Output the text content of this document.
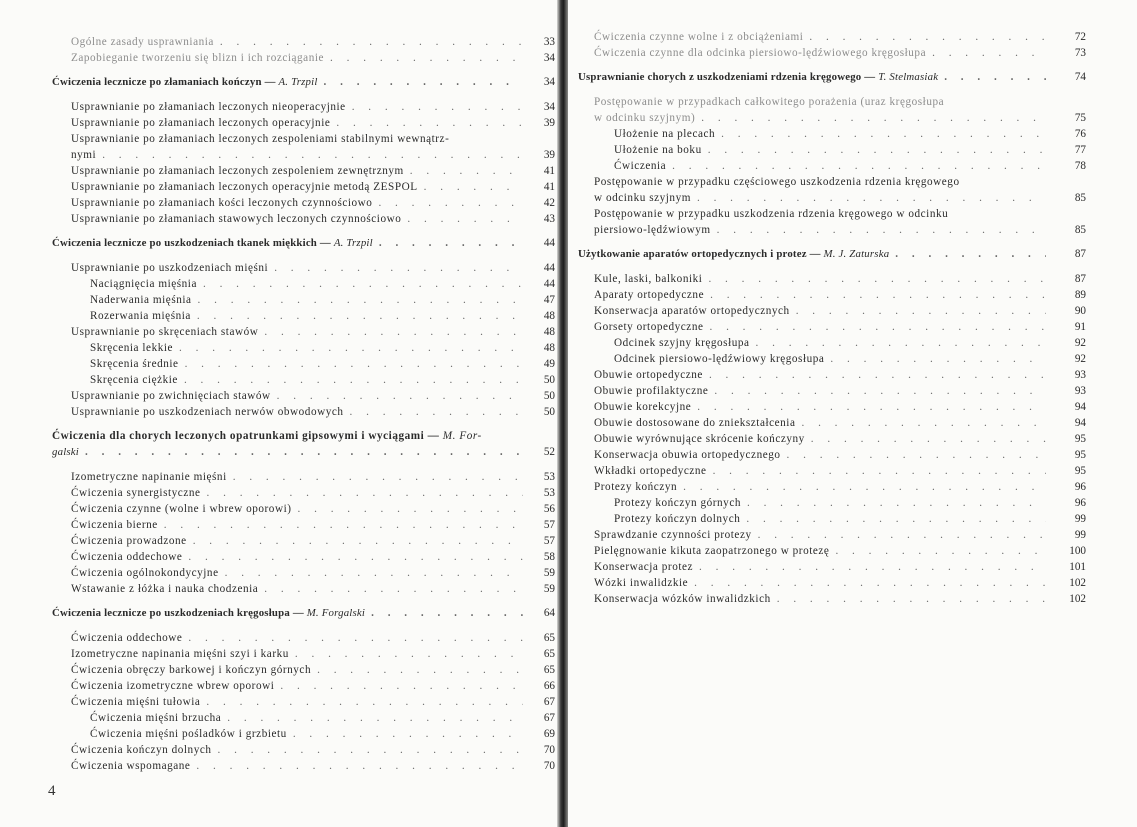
Ogólne zasady usprawniania . . .	33
Zapobieganie tworzeniu się blizn i ich rozciąganie . . .	34
Ćwiczenia lecznicze po złamaniach kończyn — A. Trzpil . . .	34
Usprawnianie po złamaniach leczonych nieoperacyjnie . . .	34
Usprawnianie po złamaniach leczonych operacyjnie . . .	39
Usprawnianie po złamaniach leczonych zespoleniami stabilnymi wewnątrz-
nymi . . .	39
Usprawnianie po złamaniach leczonych zespoleniem zewnętrznym . . .	41
Usprawnianie po złamaniach leczonych operacyjnie metodą ZESPOL . . .	41
Usprawnianie po złamaniach kości leczonych czynnościowo . . .	42
Usprawnianie po złamaniach stawowych leczonych czynnościowo . . .	43
Ćwiczenia lecznicze po uszkodzeniach tkanek miękkich — A. Trzpil . . .	44
Usprawnianie po uszkodzeniach mięśni . . .	44
Naciągnięcia mięśnia . . .	44
Naderwania mięśnia . . .	47
Rozerwania mięśnia . . .	48
Usprawnianie po skręceniach stawów . . .	48
Skręcenia lekkie . . .	48
Skręcenia średnie . . .	49
Skręcenia ciężkie . . .	50
Usprawnianie po zwichnięciach stawów . . .	50
Usprawnianie po uszkodzeniach nerwów obwodowych . . .	50
Ćwiczenia dla chorych leczonych opatrunkami gipsowymi i wyciągami — M. For-
galski . . .	52
Izometryczne napinanie mięśni . . .	53
Ćwiczenia synergistyczne . . .	53
Ćwiczenia czynne (wolne i wbrew oporowi) . . .	56
Ćwiczenia bierne . . .	57
Ćwiczenia prowadzone . . .	57
Ćwiczenia oddechowe . . .	58
Ćwiczenia ogólnokondycyjne . . .	59
Wstawanie z łóżka i nauka chodzenia . . .	59
Ćwiczenia lecznicze po uszkodzeniach kręgosłupa — M. Forgalski . . .	64
Ćwiczenia oddechowe . . .	65
Izometryczne napinania mięśni szyi i karku . . .	65
Ćwiczenia obręczy barkowej i kończyn górnych . . .	65
Ćwiczenia izometryczne wbrew oporowi . . .	66
Ćwiczenia mięśni tułowia . . .	67
Ćwiczenia mięśni brzucha . . .	67
Ćwiczenia mięśni pośladków i grzbietu . . .	69
Ćwiczenia kończyn dolnych . . .	70
Ćwiczenia wspomagane . . .	70
4
Ćwiczenia czynne wolne i z obciążeniami . . .	72
Ćwiczenia czynne dla odcinka piersiowo-lędźwiowego kręgosłupa . . .	73
Usprawnianie chorych z uszkodzeniami rdzenia kręgowego — T. Stelmasiak . . .	74
Postępowanie w przypadkach całkowitego porażenia (uraz kręgosłupa
w odcinku szyjnym) . . .	75
Ułożenie na plecach . . .	76
Ułożenie na boku . . .	77
Ćwiczenia . . .	78
Postępowanie w przypadku częściowego uszkodzenia rdzenia kręgowego
w odcinku szyjnym . . .	85
Postępowanie w przypadku uszkodzenia rdzenia kręgowego w odcinku
piersiowo-lędźwiowym . . .	85
Użytkowanie aparatów ortopedycznych i protez — M. J. Zaturska . . .	87
Kule, laski, balkoniki . . .	87
Aparaty ortopedyczne . . .	89
Konserwacja aparatów ortopedycznych . . .	90
Gorsety ortopedyczne . . .	91
Odcinek szyjny kręgosłupa . . .	92
Odcinek piersiowo-lędźwiowy kręgosłupa . . .	92
Obuwie ortopedyczne . . .	93
Obuwie profilaktyczne . . .	93
Obuwie korekcyjne . . .	94
Obuwie dostosowane do zniekształcenia . . .	94
Obuwie wyrównujące skrócenie kończyny . . .	95
Konserwacja obuwia ortopedycznego . . .	95
Wkładki ortopedyczne . . .	95
Protezy kończyn . . .	96
Protezy kończyn górnych . . .	96
Protezy kończyn dolnych . . .	99
Sprawdzanie czynności protezy . . .	99
Pielęgnowanie kikuta zaopatrzonego w protezę . . .	100
Konserwacja protez . . .	101
Wózki inwalidzkie . . .	102
Konserwacja wózków inwalidzkich . . .	102
